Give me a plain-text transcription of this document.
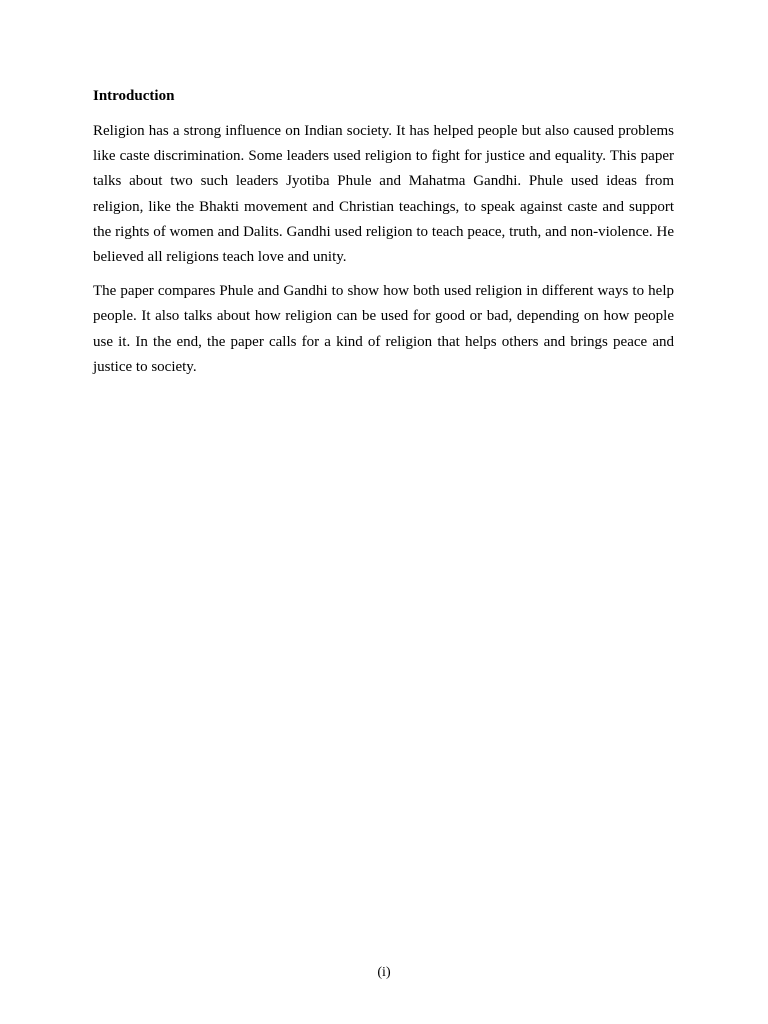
Introduction

Religion has a strong influence on Indian society. It has helped people but also caused problems like caste discrimination. Some leaders used religion to fight for justice and equality. This paper talks about two such leaders Jyotiba Phule and Mahatma Gandhi. Phule used ideas from religion, like the Bhakti movement and Christian teachings, to speak against caste and support the rights of women and Dalits. Gandhi used religion to teach peace, truth, and non-violence. He believed all religions teach love and unity.

The paper compares Phule and Gandhi to show how both used religion in different ways to help people. It also talks about how religion can be used for good or bad, depending on how people use it. In the end, the paper calls for a kind of religion that helps others and brings peace and justice to society.

(i)
